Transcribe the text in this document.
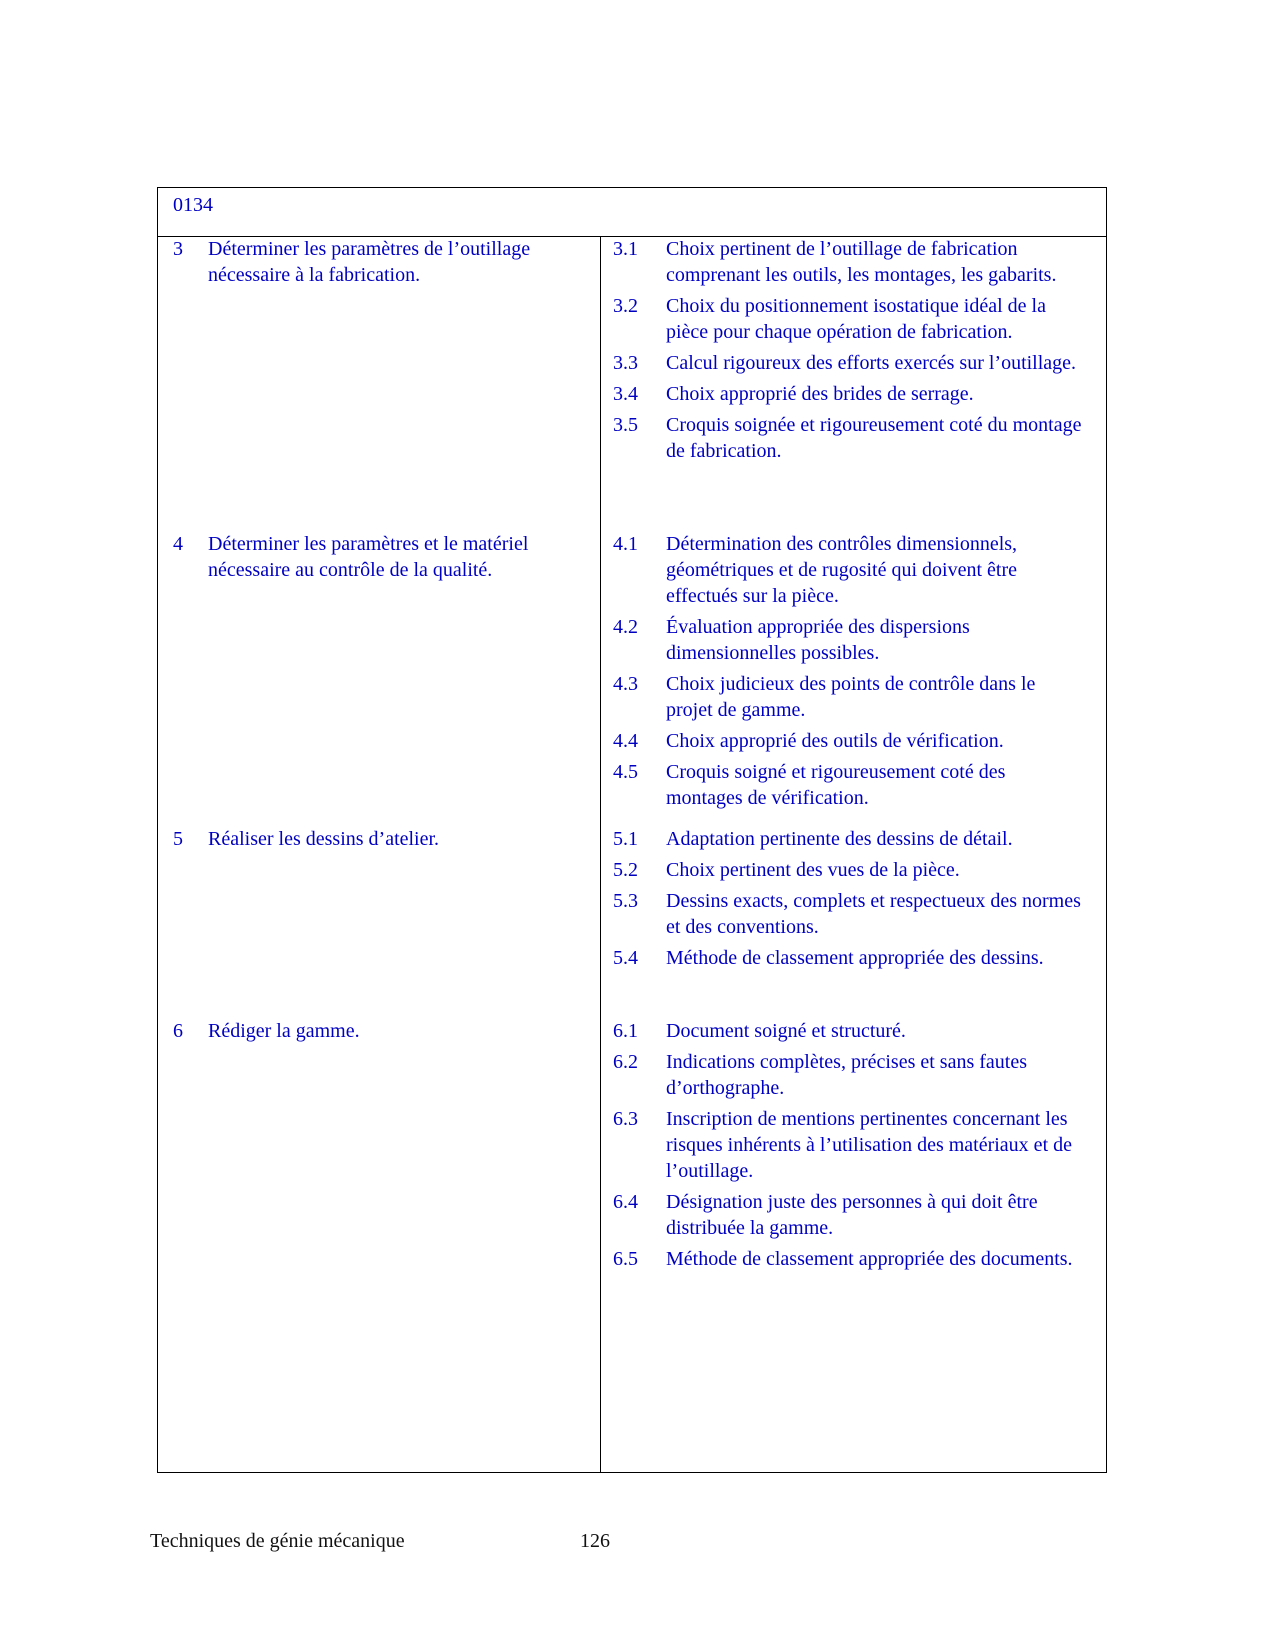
0134
3	Déterminer les paramètres de l’outillage nécessaire à la fabrication.
3.1	Choix pertinent de l’outillage de fabrication comprenant les outils, les montages, les gabarits.
3.2	Choix du positionnement isostatique idéal de la pièce pour chaque opération de fabrication.
3.3	Calcul rigoureux des efforts exercés sur l’outillage.
3.4	Choix approprié des brides de serrage.
3.5	Croquis soignée et rigoureusement coté du montage de fabrication.
4	Déterminer les paramètres et le matériel nécessaire au contrôle de la qualité.
4.1	Détermination des contrôles dimensionnels, géométriques et de rugosité qui doivent être effectués sur la pièce.
4.2	Évaluation appropriée des dispersions dimensionnelles possibles.
4.3	Choix judicieux des points de contrôle dans le projet de gamme.
4.4	Choix approprié des outils de vérification.
4.5	Croquis soigné et rigoureusement coté des montages de vérification.
5	Réaliser les dessins d’atelier.	5.1	Adaptation pertinente des dessins de détail.
5.2	Choix pertinent des vues de la pièce.
5.3	Dessins exacts, complets et respectueux des normes et des conventions.
5.4	Méthode de classement appropriée des dessins.
6	Rédiger la gamme.	6.1	Document soigné et structuré.
6.2	Indications complètes, précises et sans fautes d’orthographe.
6.3	Inscription de mentions pertinentes concernant les risques inhérents à l’utilisation des matériaux et de l’outillage.
6.4	Désignation juste des personnes à qui doit être distribuée la gamme.
6.5	Méthode de classement appropriée des documents.
Techniques de génie mécanique	126
